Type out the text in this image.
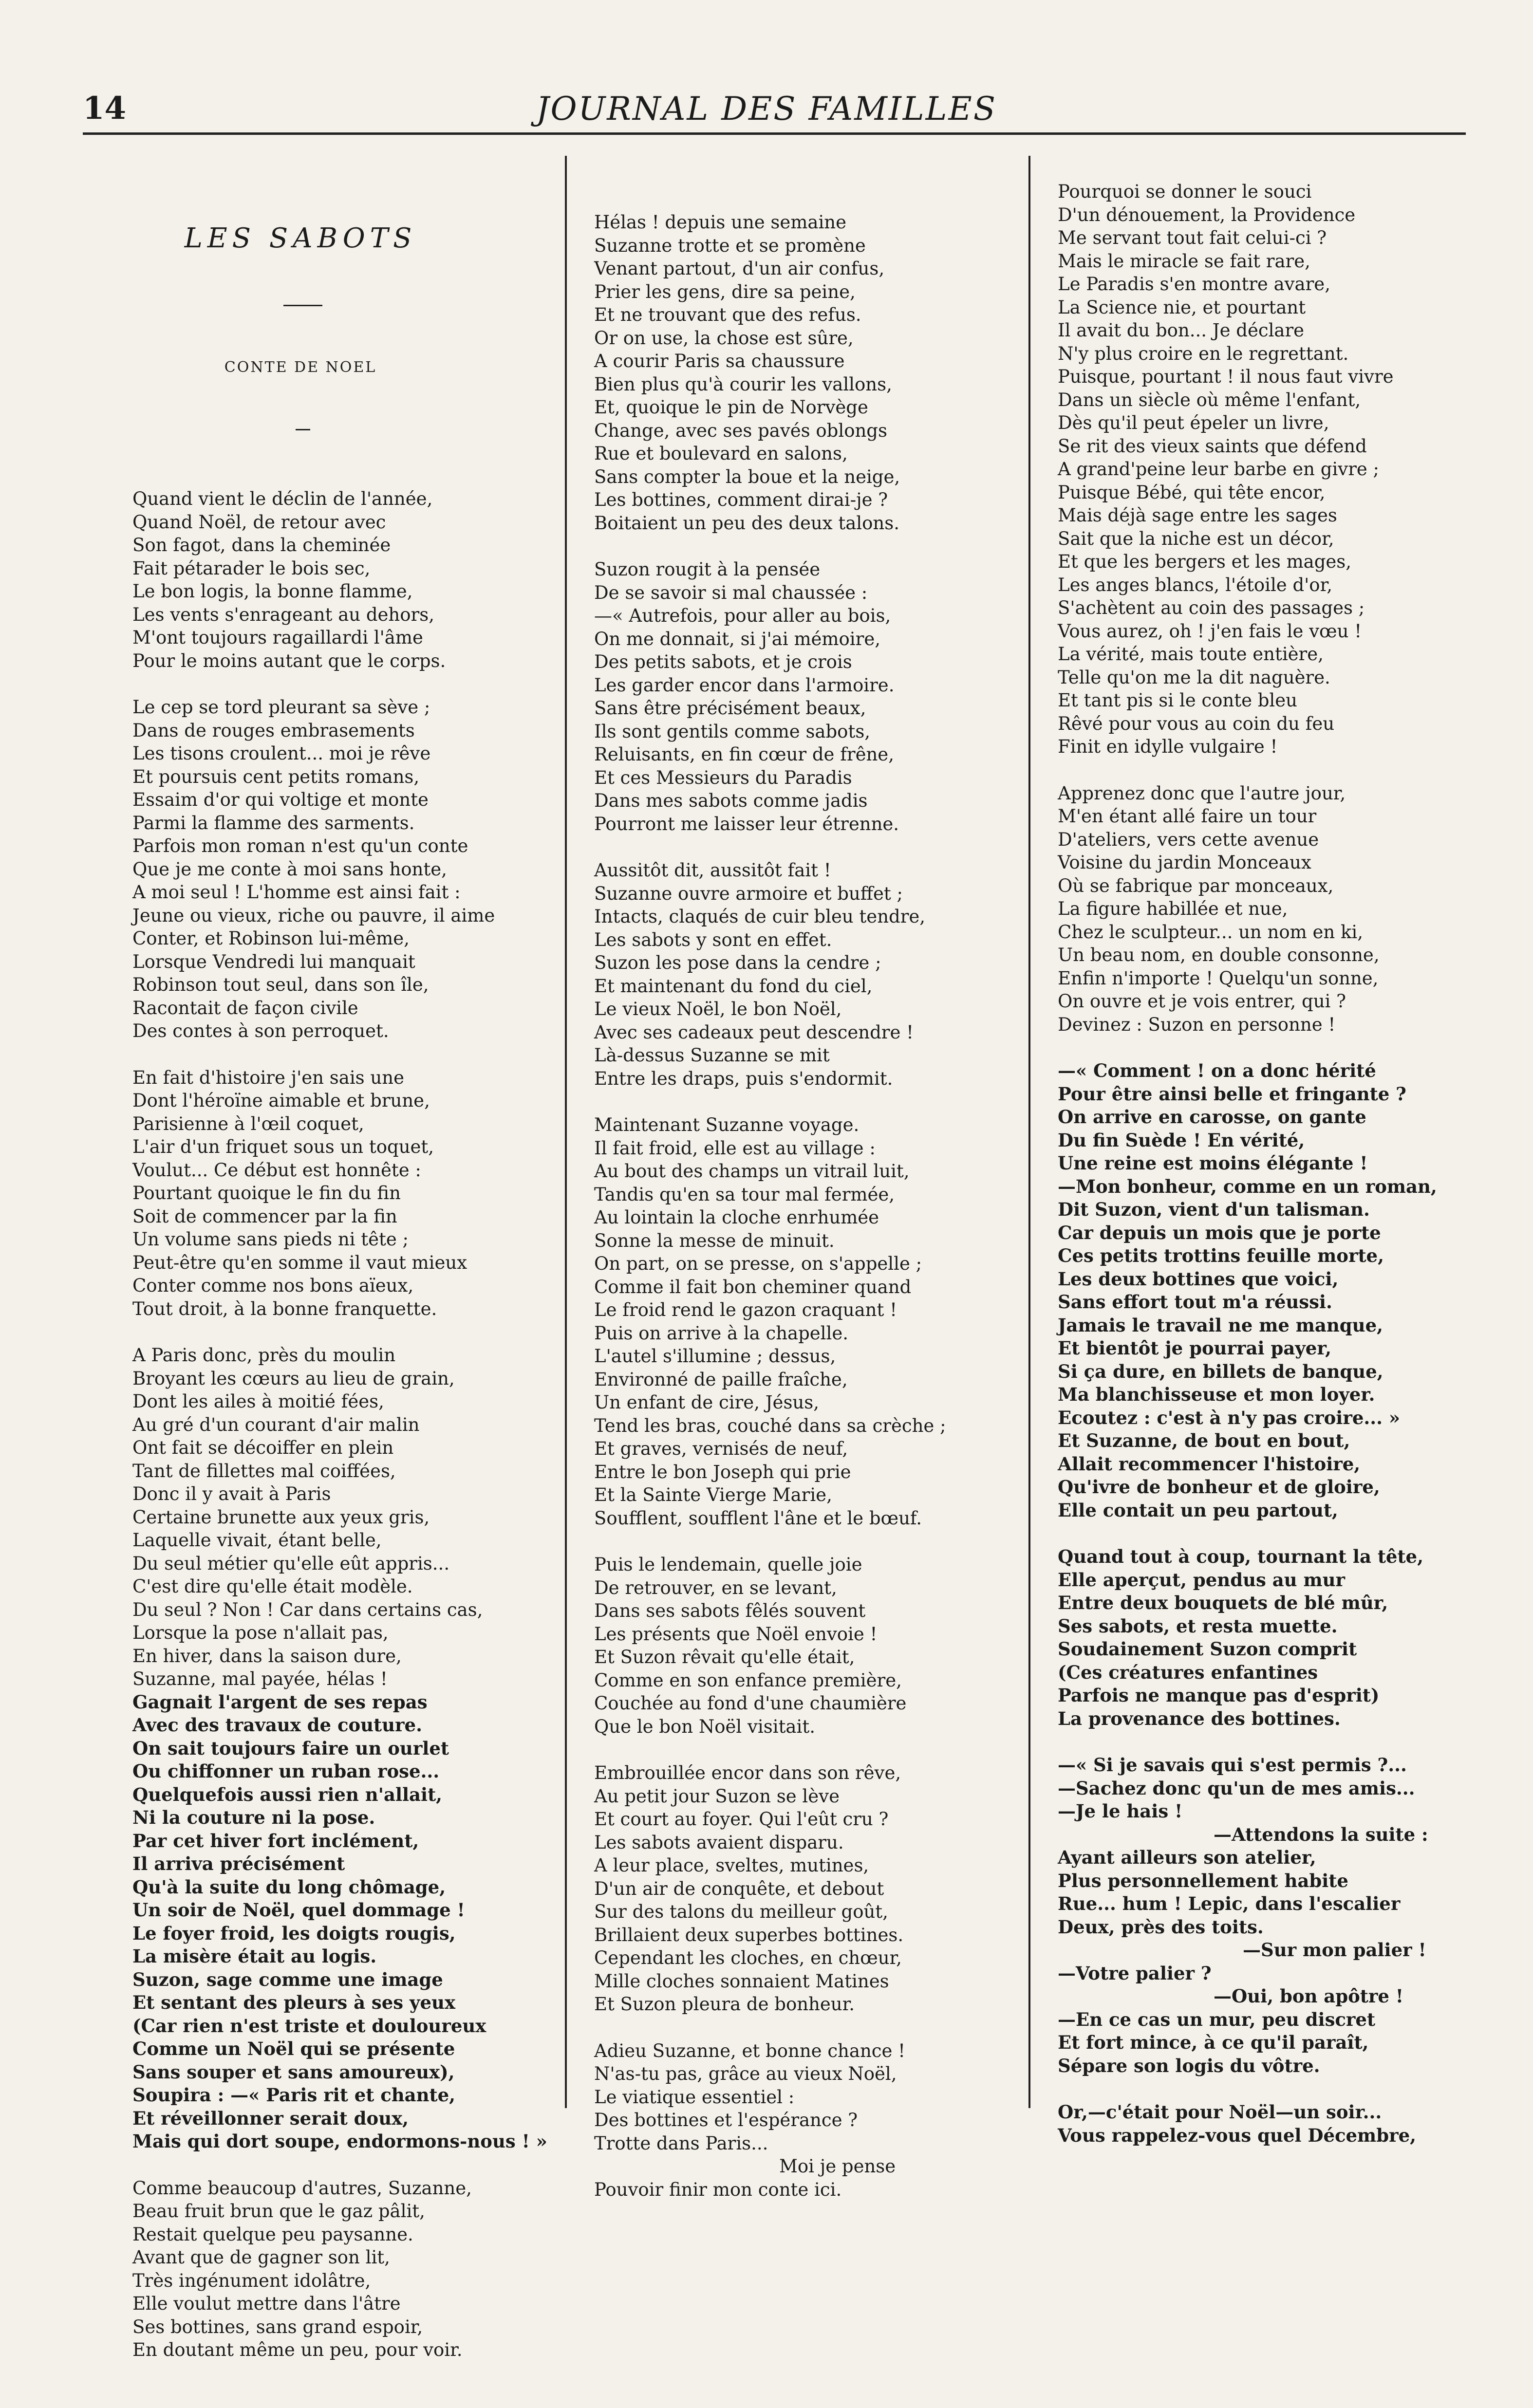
14	JOURNAL DES FAMILLES

LES SABOTS

CONTE DE NOEL

Quand vient le déclin de l'année,
Quand Noël, de retour avec
Son fagot, dans la cheminée
Fait pétarader le bois sec,
Le bon logis, la bonne flamme,
Les vents s'enrageant au dehors,
M'ont toujours ragaillardi l'âme
Pour le moins autant que le corps.
Le cep se tord pleurant sa sève ;
Dans de rouges embrasements
Les tisons croulent... moi je rêve
Et poursuis cent petits romans,
Essaim d'or qui voltige et monte
Parmi la flamme des sarments.
Parfois mon roman n'est qu'un conte
Que je me conte à moi sans honte,
A moi seul ! L'homme est ainsi fait :
Jeune ou vieux, riche ou pauvre, il aime
Conter, et Robinson lui-même,
Lorsque Vendredi lui manquait
Robinson tout seul, dans son île,
Racontait de façon civile
Des contes à son perroquet.
En fait d'histoire j'en sais une
Dont l'héroïne aimable et brune,
Parisienne à l'œil coquet,
L'air d'un friquet sous un toquet,
Voulut... Ce début est honnête :
Pourtant quoique le fin du fin
Soit de commencer par la fin
Un volume sans pieds ni tête ;
Peut-être qu'en somme il vaut mieux
Conter comme nos bons aïeux,
Tout droit, à la bonne franquette.
A Paris donc, près du moulin
Broyant les cœurs au lieu de grain,
Dont les ailes à moitié fées,
Au gré d'un courant d'air malin
Ont fait se décoiffer en plein
Tant de fillettes mal coiffées,
Donc il y avait à Paris
Certaine brunette aux yeux gris,
Laquelle vivait, étant belle,
Du seul métier qu'elle eût appris...
C'est dire qu'elle était modèle.
Du seul ? Non ! Car dans certains cas,
Lorsque la pose n'allait pas,
En hiver, dans la saison dure,
Suzanne, mal payée, hélas !
Gagnait l'argent de ses repas
Avec des travaux de couture.
On sait toujours faire un ourlet
Ou chiffonner un ruban rose...
Quelquefois aussi rien n'allait,
Ni la couture ni la pose.
Par cet hiver fort inclément,
Il arriva précisément
Qu'à la suite du long chômage,
Un soir de Noël, quel dommage !
Le foyer froid, les doigts rougis,
La misère était au logis.
Suzon, sage comme une image
Et sentant des pleurs à ses yeux
(Car rien n'est triste et douloureux
Comme un Noël qui se présente
Sans souper et sans amoureux),
Soupira : —« Paris rit et chante,
Et réveillonner serait doux,
Mais qui dort soupe, endormons-nous ! »
Comme beaucoup d'autres, Suzanne,
Beau fruit brun que le gaz pâlit,
Restait quelque peu paysanne.
Avant que de gagner son lit,
Très ingénument idolâtre,
Elle voulut mettre dans l'âtre
Ses bottines, sans grand espoir,
En doutant même un peu, pour voir.

Hélas ! depuis une semaine
Suzanne trotte et se promène
Venant partout, d'un air confus,
Prier les gens, dire sa peine,
Et ne trouvant que des refus.
Or on use, la chose est sûre,
A courir Paris sa chaussure
Bien plus qu'à courir les vallons,
Et, quoique le pin de Norvège
Change, avec ses pavés oblongs
Rue et boulevard en salons,
Sans compter la boue et la neige,
Les bottines, comment dirai-je ?
Boitaient un peu des deux talons.
Suzon rougit à la pensée
De se savoir si mal chaussée :
—« Autrefois, pour aller au bois,
On me donnait, si j'ai mémoire,
Des petits sabots, et je crois
Les garder encor dans l'armoire.
Sans être précisément beaux,
Ils sont gentils comme sabots,
Reluisants, en fin cœur de frêne,
Et ces Messieurs du Paradis
Dans mes sabots comme jadis
Pourront me laisser leur étrenne.
Aussitôt dit, aussitôt fait !
Suzanne ouvre armoire et buffet ;
Intacts, claqués de cuir bleu tendre,
Les sabots y sont en effet.
Suzon les pose dans la cendre ;
Et maintenant du fond du ciel,
Le vieux Noël, le bon Noël,
Avec ses cadeaux peut descendre !
Là-dessus Suzanne se mit
Entre les draps, puis s'endormit.
Maintenant Suzanne voyage.
Il fait froid, elle est au village :
Au bout des champs un vitrail luit,
Tandis qu'en sa tour mal fermée,
Au lointain la cloche enrhumée
Sonne la messe de minuit.
On part, on se presse, on s'appelle ;
Comme il fait bon cheminer quand
Le froid rend le gazon craquant !
Puis on arrive à la chapelle.
L'autel s'illumine ; dessus,
Environné de paille fraîche,
Un enfant de cire, Jésus,
Tend les bras, couché dans sa crèche ;
Et graves, vernisés de neuf,
Entre le bon Joseph qui prie
Et la Sainte Vierge Marie,
Soufflent, soufflent l'âne et le bœuf.
Puis le lendemain, quelle joie
De retrouver, en se levant,
Dans ses sabots fêlés souvent
Les présents que Noël envoie !
Et Suzon rêvait qu'elle était,
Comme en son enfance première,
Couchée au fond d'une chaumière
Que le bon Noël visitait.
Embrouillée encor dans son rêve,
Au petit jour Suzon se lève
Et court au foyer. Qui l'eût cru ?
Les sabots avaient disparu.
A leur place, sveltes, mutines,
D'un air de conquête, et debout
Sur des talons du meilleur goût,
Brillaient deux superbes bottines.
Cependant les cloches, en chœur,
Mille cloches sonnaient Matines
Et Suzon pleura de bonheur.
Adieu Suzanne, et bonne chance !
N'as-tu pas, grâce au vieux Noël,
Le viatique essentiel :
Des bottines et l'espérance ?
Trotte dans Paris...
Moi je pense
Pouvoir finir mon conte ici.

Pourquoi se donner le souci
D'un dénouement, la Providence
Me servant tout fait celui-ci ?
Mais le miracle se fait rare,
Le Paradis s'en montre avare,
La Science nie, et pourtant
Il avait du bon... Je déclare
N'y plus croire en le regrettant.
Puisque, pourtant ! il nous faut vivre
Dans un siècle où même l'enfant,
Dès qu'il peut épeler un livre,
Se rit des vieux saints que défend
A grand'peine leur barbe en givre ;
Puisque Bébé, qui tête encor,
Mais déjà sage entre les sages
Sait que la niche est un décor,
Et que les bergers et les mages,
Les anges blancs, l'étoile d'or,
S'achètent au coin des passages ;
Vous aurez, oh ! j'en fais le vœu !
La vérité, mais toute entière,
Telle qu'on me la dit naguère.
Et tant pis si le conte bleu
Rêvé pour vous au coin du feu
Finit en idylle vulgaire !
Apprenez donc que l'autre jour,
M'en étant allé faire un tour
D'ateliers, vers cette avenue
Voisine du jardin Monceaux
Où se fabrique par monceaux,
La figure habillée et nue,
Chez le sculpteur... un nom en ki,
Un beau nom, en double consonne,
Enfin n'importe ! Quelqu'un sonne,
On ouvre et je vois entrer, qui ?
Devinez : Suzon en personne !
—« Comment ! on a donc hérité
Pour être ainsi belle et fringante ?
On arrive en carosse, on gante
Du fin Suède ! En vérité,
Une reine est moins élégante !
—Mon bonheur, comme en un roman,
Dit Suzon, vient d'un talisman.
Car depuis un mois que je porte
Ces petits trottins feuille morte,
Les deux bottines que voici,
Sans effort tout m'a réussi.
Jamais le travail ne me manque,
Et bientôt je pourrai payer,
Si ça dure, en billets de banque,
Ma blanchisseuse et mon loyer.
Ecoutez : c'est à n'y pas croire... »
Et Suzanne, de bout en bout,
Allait recommencer l'histoire,
Qu'ivre de bonheur et de gloire,
Elle contait un peu partout,
Quand tout à coup, tournant la tête,
Elle aperçut, pendus au mur
Entre deux bouquets de blé mûr,
Ses sabots, et resta muette.
Soudainement Suzon comprit
(Ces créatures enfantines
Parfois ne manque pas d'esprit)
La provenance des bottines.
—« Si je savais qui s'est permis ?...
—Sachez donc qu'un de mes amis...
—Je le hais !
—Attendons la suite :
Ayant ailleurs son atelier,
Plus personnellement habite
Rue... hum ! Lepic, dans l'escalier
Deux, près des toits.
—Sur mon palier !
—Votre palier ?
—Oui, bon apôtre !
—En ce cas un mur, peu discret
Et fort mince, à ce qu'il paraît,
Sépare son logis du vôtre.
Or,—c'était pour Noël—un soir...
Vous rappelez-vous quel Décembre,
